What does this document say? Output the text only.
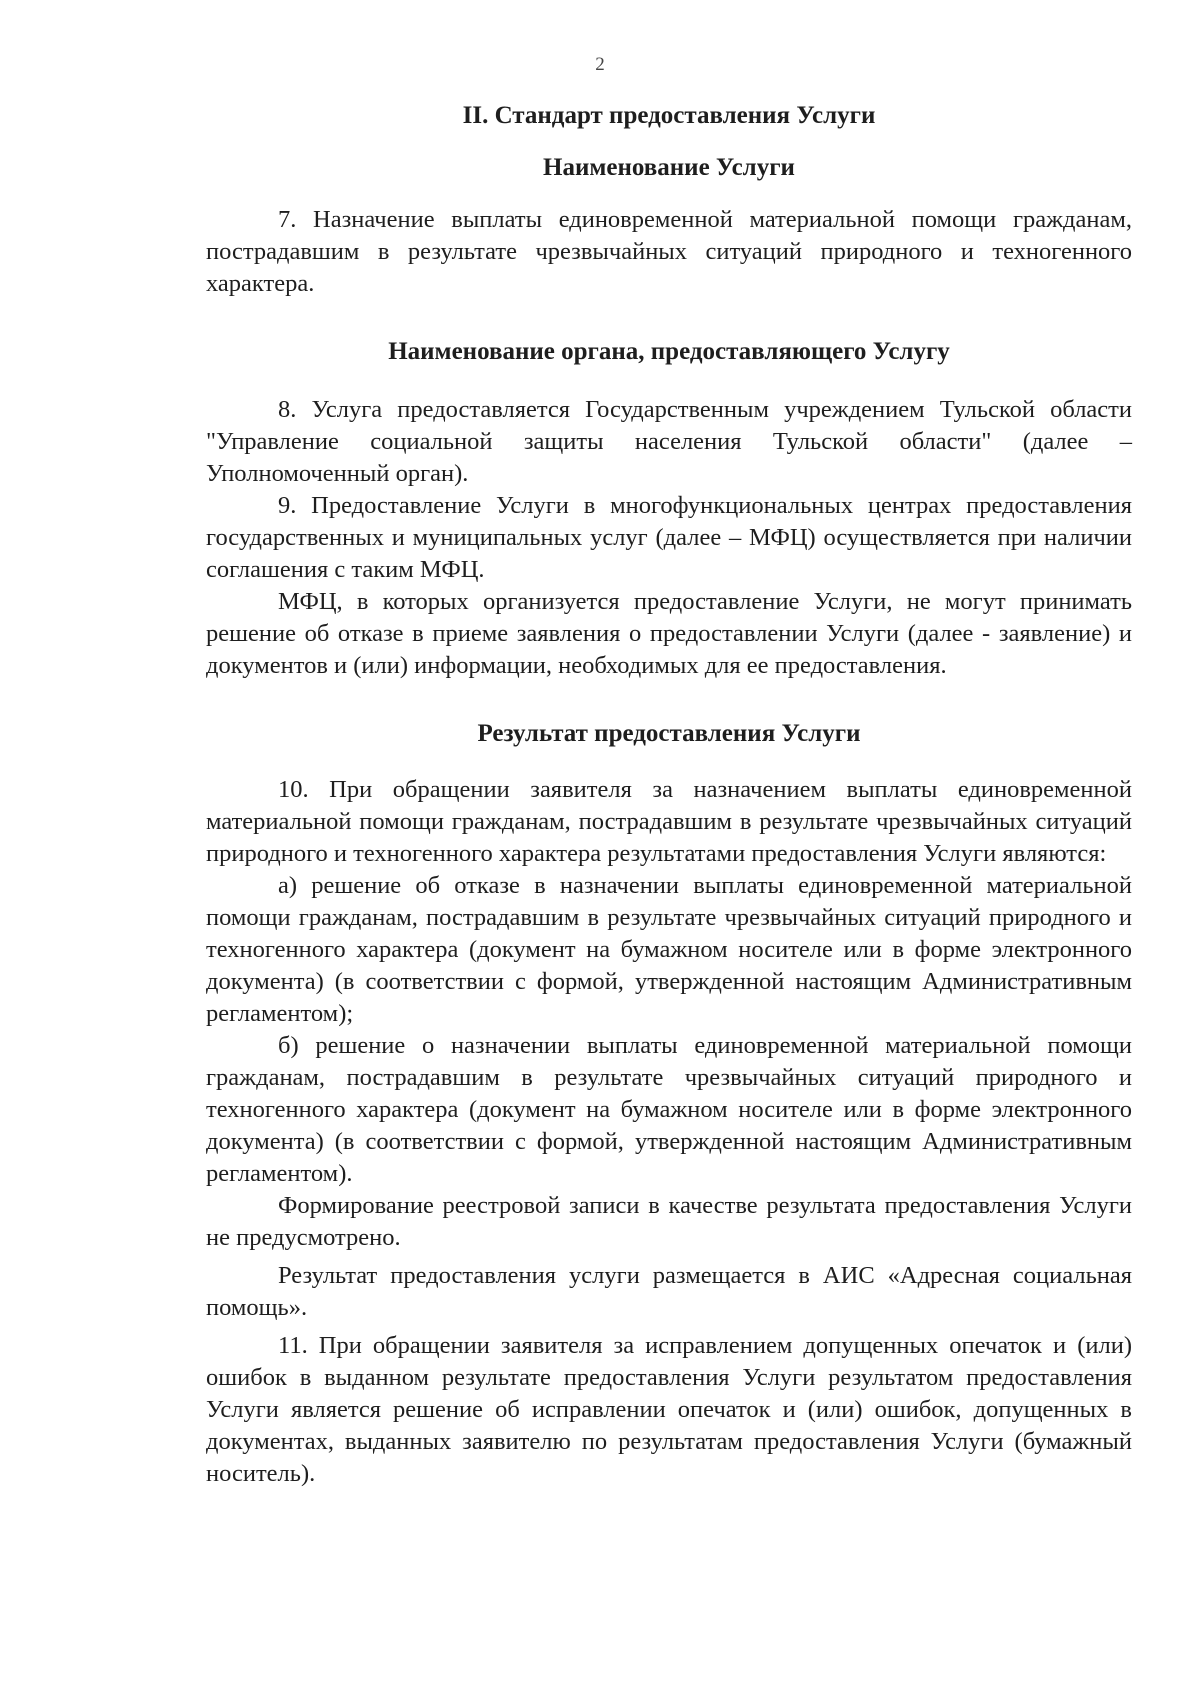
2
II. Стандарт предоставления Услуги
Наименование Услуги

7. Назначение выплаты единовременной материальной помощи гражданам, пострадавшим в результате чрезвычайных ситуаций природного и техногенного характера.

Наименование органа, предоставляющего Услугу

8. Услуга предоставляется Государственным учреждением Тульской области "Управление социальной защиты населения Тульской области" (далее – Уполномоченный орган).

9. Предоставление Услуги в многофункциональных центрах предоставления государственных и муниципальных услуг (далее – МФЦ) осуществляется при наличии соглашения с таким МФЦ.

МФЦ, в которых организуется предоставление Услуги, не могут принимать решение об отказе в приеме заявления о предоставлении Услуги (далее - заявление) и документов и (или) информации, необходимых для ее предоставления.

Результат предоставления Услуги

10. При обращении заявителя за назначением выплаты единовременной материальной помощи гражданам, пострадавшим в результате чрезвычайных ситуаций природного и техногенного характера результатами предоставления Услуги являются:

а) решение об отказе в назначении выплаты единовременной материальной помощи гражданам, пострадавшим в результате чрезвычайных ситуаций природного и техногенного характера (документ на бумажном носителе или в форме электронного документа) (в соответствии с формой, утвержденной настоящим Административным регламентом);

б) решение о назначении выплаты единовременной материальной помощи гражданам, пострадавшим в результате чрезвычайных ситуаций природного и техногенного характера (документ на бумажном носителе или в форме электронного документа) (в соответствии с формой, утвержденной настоящим Административным регламентом).

Формирование реестровой записи в качестве результата предоставления Услуги не предусмотрено.

Результат предоставления услуги размещается в АИС «Адресная социальная помощь».

11. При обращении заявителя за исправлением допущенных опечаток и (или) ошибок в выданном результате предоставления Услуги результатом предоставления Услуги является решение об исправлении опечаток и (или) ошибок, допущенных в документах, выданных заявителю по результатам предоставления Услуги (бумажный носитель).
